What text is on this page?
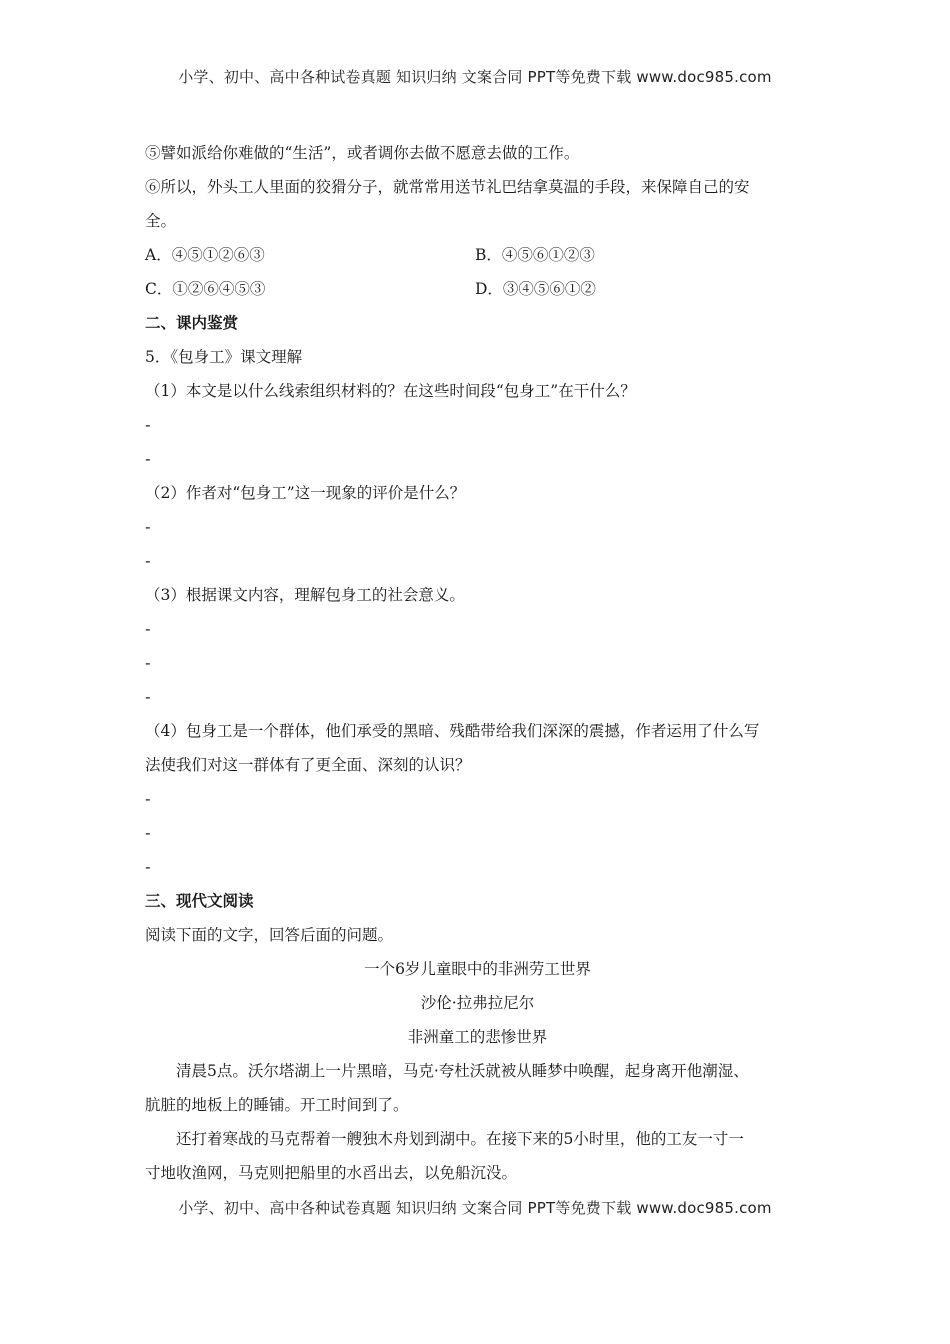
小学、初中、高中各种试卷真题 知识归纳 文案合同 PPT等免费下载 www.doc985.com
⑤譬如派给你难做的“生活”，或者调你去做不愿意去做的工作。
⑥所以，外头工人里面的狡猾分子，就常常用送节礼巴结拿莫温的手段，来保障自己的安
全。
A．④⑤①②⑥③	B．④⑤⑥①②③
C．①②⑥④⑤③	D．③④⑤⑥①②
二、课内鉴赏
5．《包身工》课文理解
（1）本文是以什么线索组织材料的？在这些时间段“包身工”在干什么？
-
-
（2）作者对“包身工”这一现象的评价是什么？
-
-
（3）根据课文内容，理解包身工的社会意义。
-
-
-
（4）包身工是一个群体，他们承受的黑暗、残酷带给我们深深的震撼，作者运用了什么写
法使我们对这一群体有了更全面、深刻的认识？
-
-
-
三、现代文阅读
阅读下面的文字，回答后面的问题。
一个6岁儿童眼中的非洲劳工世界
沙伦·拉弗拉尼尔
非洲童工的悲惨世界
清晨5点。沃尔塔湖上一片黑暗，马克·夸杜沃就被从睡梦中唤醒，起身离开他潮湿、
肮脏的地板上的睡铺。开工时间到了。
还打着寒战的马克帮着一艘独木舟划到湖中。在接下来的5小时里，他的工友一寸一
寸地收渔网，马克则把船里的水舀出去，以免船沉没。
小学、初中、高中各种试卷真题 知识归纳 文案合同 PPT等免费下载 www.doc985.com
